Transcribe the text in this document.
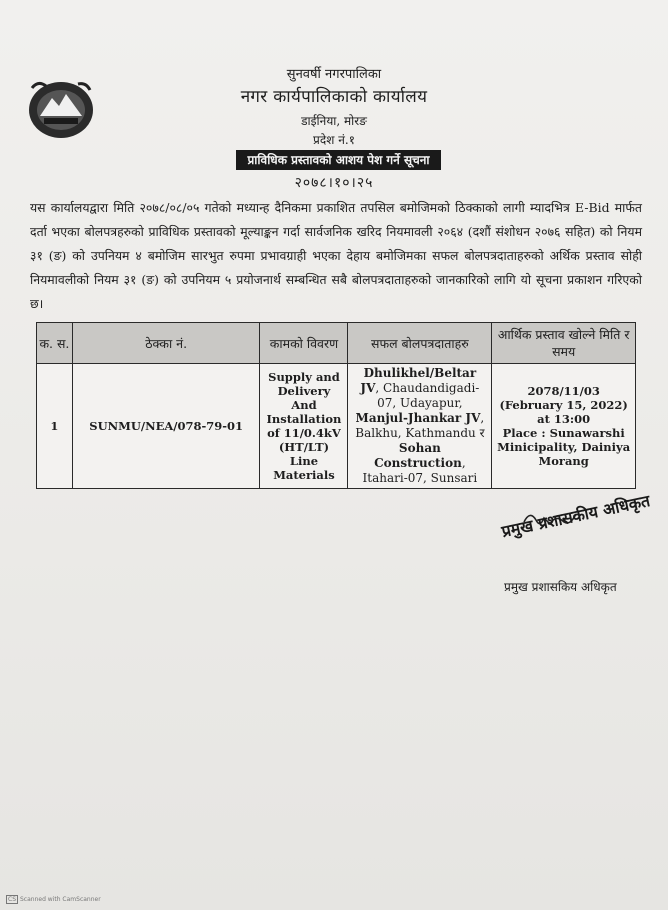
सुनवर्षी नगरपालिका
नगर कार्यपालिकाको कार्यालय
डाईनिया, मोरङ
प्रदेश नं.१
प्राविधिक प्रस्तावको आशय पेश गर्ने सूचना
२०७८।१०।२५
यस कार्यालयद्वारा मिति २०७८/०८/०५ गतेको मध्यान्ह दैनिकमा प्रकाशित तपसिल बमोजिमको ठिक्काको लागी म्यादभित्र E-Bid मार्फत दर्ता भएका बोलपत्रहरुको प्राविधिक प्रस्तावको मूल्याङ्कन गर्दा सार्वजनिक खरिद नियमावली २०६४ (दशौं संशोधन २०७६ सहित) को नियम ३१ (ङ) को उपनियम ४ बमोजिम सारभुत रुपमा प्रभावग्राही भएका देहाय बमोजिमका सफल बोलपत्रदाताहरुको अर्थिक प्रस्ताव सोही नियमावलीको नियम ३१ (ङ) को उपनियम ५ प्रयोजनार्थ सम्बन्धित सबै बोलपत्रदाताहरुको जानकारिको लागि यो सूचना प्रकाशन गरिएको छ।
क. स.	ठेक्का नं.	कामको विवरण	सफल बोलपत्रदाताहरु	आर्थिक प्रस्ताव खोल्ने मिति र समय
1	SUNMU/NEA/078-79-01	Supply and Delivery And Installation of 11/0.4kV (HT/LT) Line Materials	Dhulikhel/Beltar JV, Chaudandigadi-07, Udayapur, Manjul-Jhankar JV, Balkhu, Kathmandu र Sohan Construction, Itahari-07, Sunsari	2078/11/03
(February 15, 2022)
at 13:00
Place : Sunawarshi Minicipality, Dainiya Morang
प्रमुख प्रशासकीय अधिकृत
प्रमुख प्रशासकिय अधिकृत
CS Scanned with CamScanner
